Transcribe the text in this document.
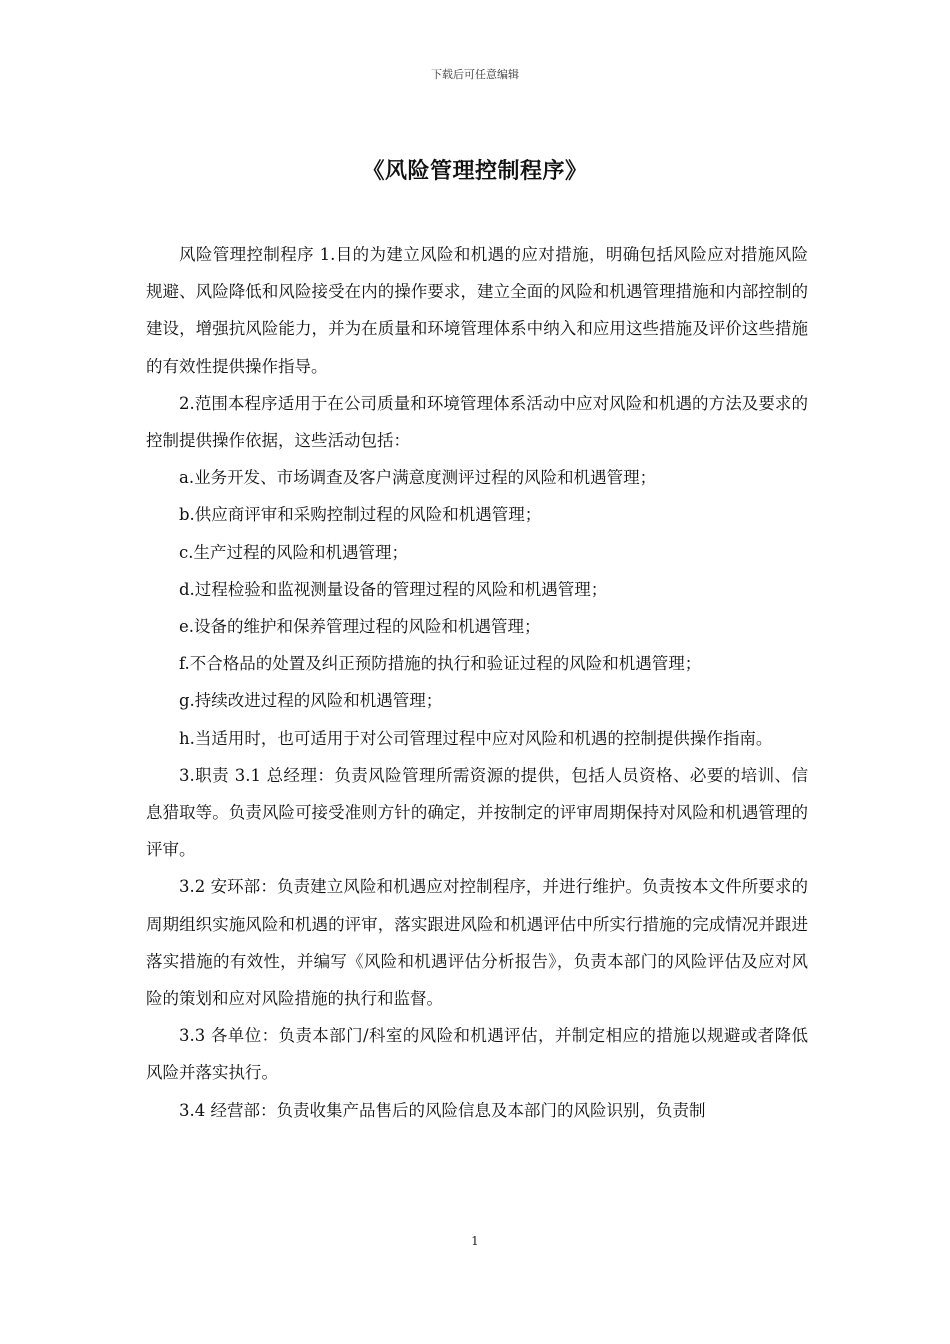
下载后可任意编辑
《风险管理控制程序》

风险管理控制程序 1.目的为建立风险和机遇的应对措施，明确包括风险应对措施风险规避、风险降低和风险接受在内的操作要求，建立全面的风险和机遇管理措施和内部控制的建设，增强抗风险能力，并为在质量和环境管理体系中纳入和应用这些措施及评价这些措施的有效性提供操作指导。

2.范围本程序适用于在公司质量和环境管理体系活动中应对风险和机遇的方法及要求的控制提供操作依据，这些活动包括：

a.业务开发、市场调查及客户满意度测评过程的风险和机遇管理；

b.供应商评审和采购控制过程的风险和机遇管理；

c.生产过程的风险和机遇管理；

d.过程检验和监视测量设备的管理过程的风险和机遇管理；

e.设备的维护和保养管理过程的风险和机遇管理；

f.不合格品的处置及纠正预防措施的执行和验证过程的风险和机遇管理；

g.持续改进过程的风险和机遇管理；

h.当适用时，也可适用于对公司管理过程中应对风险和机遇的控制提供操作指南。

3.职责 3.1 总经理：负责风险管理所需资源的提供，包括人员资格、必要的培训、信息猎取等。负责风险可接受准则方针的确定，并按制定的评审周期保持对风险和机遇管理的评审。

3.2 安环部：负责建立风险和机遇应对控制程序，并进行维护。负责按本文件所要求的周期组织实施风险和机遇的评审，落实跟进风险和机遇评估中所实行措施的完成情况并跟进落实措施的有效性，并编写《风险和机遇评估分析报告》，负责本部门的风险评估及应对风险的策划和应对风险措施的执行和监督。

3.3 各单位：负责本部门/科室的风险和机遇评估，并制定相应的措施以规避或者降低风险并落实执行。

3.4 经营部：负责收集产品售后的风险信息及本部门的风险识别，负责制

1
